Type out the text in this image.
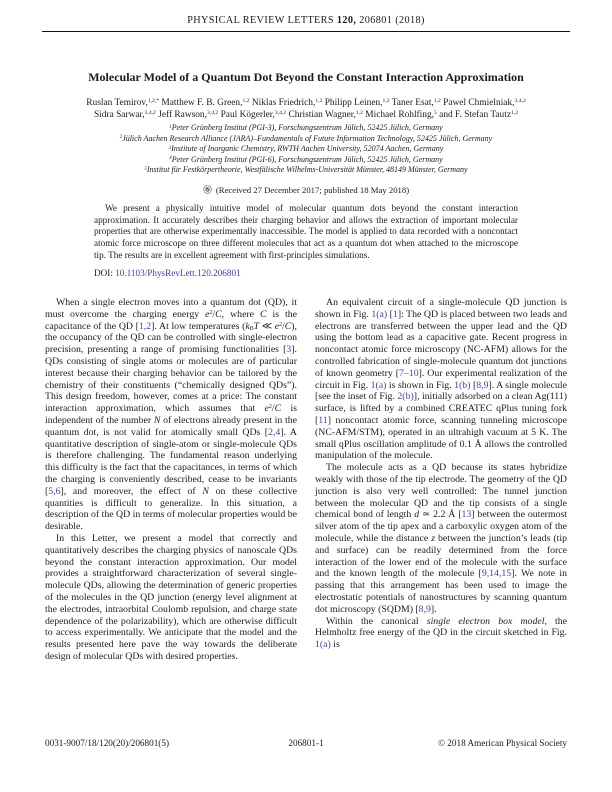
PHYSICAL REVIEW LETTERS 120, 206801 (2018)
Molecular Model of a Quantum Dot Beyond the Constant Interaction Approximation
Ruslan Temirov,$^{1,2,*}$ Matthew F. B. Green,$^{1,2}$ Niklas Friedrich,$^{1,2}$ Philipp Leinen,$^{1,2}$ Taner Esat,$^{1,2}$ Pawel Chmielniak,$^{3,4,2}$
Sidra Sarwar,$^{3,4,2}$ Jeff Rawson,$^{3,4,2}$ Paul Kögerler,$^{3,4,2}$ Christian Wagner,$^{1,2}$ Michael Rohlfing,$^5$ and F. Stefan Tautz$^{1,2}$
$^1$Peter Grünberg Institut (PGI-3), Forschungszentrum Jülich, 52425 Jülich, Germany
$^2$Jülich Aachen Research Alliance (JARA)–Fundamentals of Future Information Technology, 52425 Jülich, Germany
$^3$Institute of Inorganic Chemistry, RWTH Aachen University, 52074 Aachen, Germany
$^4$Peter Grünberg Institut (PGI-6), Forschungszentrum Jülich, 52425 Jülich, Germany
$^5$Institut für Festkörpertheorie, Westfälische Wilhelms-Universität Münster, 48149 Münster, Germany
(Received 27 December 2017; published 18 May 2018)
We present a physically intuitive model of molecular quantum dots beyond the constant interaction approximation. It accurately describes their charging behavior and allows the extraction of important molecular properties that are otherwise experimentally inaccessible. The model is applied to data recorded with a noncontact atomic force microscope on three different molecules that act as a quantum dot when attached to the microscope tip. The results are in excellent agreement with first-principles simulations.
DOI: 10.1103/PhysRevLett.120.206801

When a single electron moves into a quantum dot (QD), it must overcome the charging energy $e^2/C$, where C is the capacitance of the QD [1,2]. At low temperatures ($k_BT$ ≪ $e^2/C$), the occupancy of the QD can be controlled with single-electron precision, presenting a range of promising functionalities [3]. QDs consisting of single atoms or molecules are of particular interest because their charging behavior can be tailored by the chemistry of their constituents (“chemically designed QDs”). This design freedom, however, comes at a price: The constant interaction approximation, which assumes that $e^2/C$ is independent of the number N of electrons already present in the quantum dot, is not valid for atomically small QDs [2,4]. A quantitative description of single-atom or single-molecule QDs is therefore challenging. The fundamental reason underlying this difficulty is the fact that the capacitances, in terms of which the charging is conveniently described, cease to be invariants [5,6], and moreover, the effect of N on these collective quantities is difficult to generalize. In this situation, a description of the QD in terms of molecular properties would be desirable.

In this Letter, we present a model that correctly and quantitatively describes the charging physics of nanoscale QDs beyond the constant interaction approximation. Our model provides a straightforward characterization of several single-molecule QDs, allowing the determination of generic properties of the molecules in the QD junction (energy level alignment at the electrodes, intraorbital Coulomb repulsion, and charge state dependence of the polarizability), which are otherwise difficult to access experimentally. We anticipate that the model and the results presented here pave the way towards the deliberate design of molecular QDs with desired properties.

An equivalent circuit of a single-molecule QD junction is shown in Fig. 1(a) [1]: The QD is placed between two leads and electrons are transferred between the upper lead and the QD using the bottom lead as a capacitive gate. Recent progress in noncontact atomic force microscopy (NC-AFM) allows for the controlled fabrication of single-molecule quantum dot junctions of known geometry [7–10]. Our experimental realization of the circuit in Fig. 1(a) is shown in Fig. 1(b) [8,9]. A single molecule [see the inset of Fig. 2(b)], initially adsorbed on a clean Ag(111) surface, is lifted by a combined CREATEC qPlus tuning fork [11] noncontact atomic force, scanning tunneling microscope (NC-AFM/STM), operated in an ultrahigh vacuum at 5 K. The small qPlus oscillation amplitude of 0.1 Å allows the controlled manipulation of the molecule.

The molecule acts as a QD because its states hybridize weakly with those of the tip electrode. The geometry of the QD junction is also very well controlled: The tunnel junction between the molecular QD and the tip consists of a single chemical bond of length d ≃ 2.2 Å [13] between the outermost silver atom of the tip apex and a carboxylic oxygen atom of the molecule, while the distance z between the junction’s leads (tip and surface) can be readily determined from the force interaction of the lower end of the molecule with the surface and the known length of the molecule [9,14,15]. We note in passing that this arrangement has been used to image the electrostatic potentials of nanostructures by scanning quantum dot microscopy (SQDM) [8,9].

Within the canonical single electron box model, the Helmholtz free energy of the QD in the circuit sketched in Fig. 1(a) is

0031-9007/18/120(20)/206801(5)	206801-1	© 2018 American Physical Society
